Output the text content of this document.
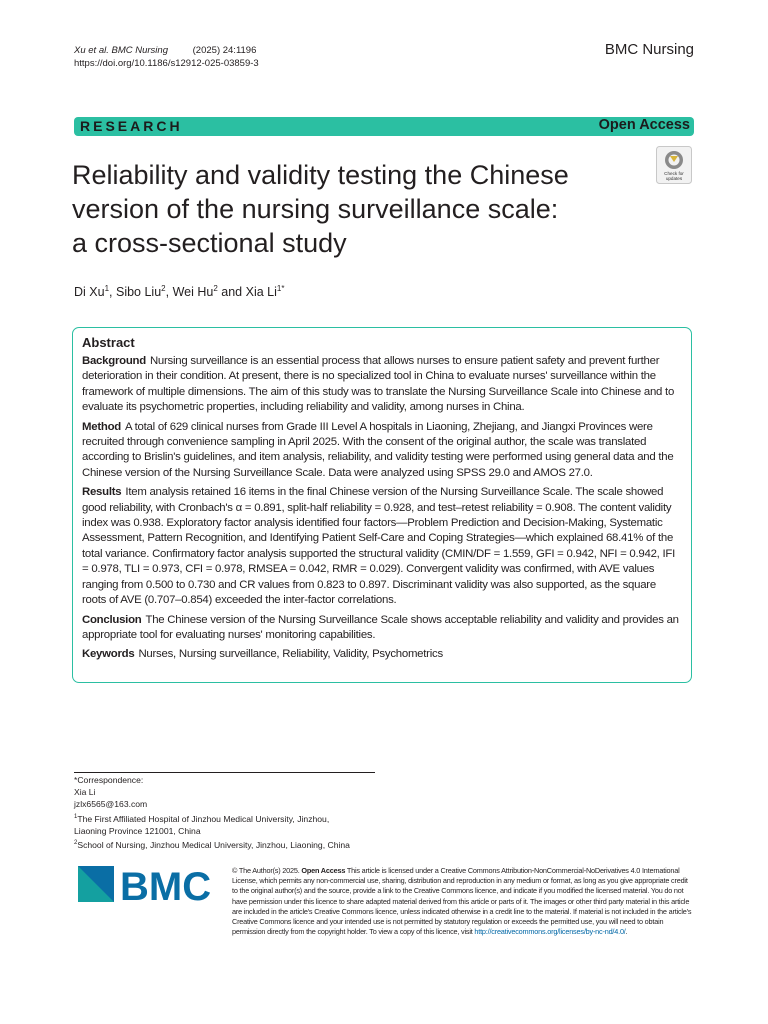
Xu et al. BMC Nursing	(2025) 24:1196
https://doi.org/10.1186/s12912-025-03859-3
BMC Nursing
RESEARCH	Open Access
Reliability and validity testing the Chinese
version of the nursing surveillance scale:
a cross-sectional study
Check for
updates
Di Xu$^1$, Sibo Liu$^2$, Wei Hu$^2$ and Xia $Li^{1*}$
Abstract

Background Nursing surveillance is an essential process that allows nurses to ensure patient safety and prevent further deterioration in their condition. At present, there is no specialized tool in China to evaluate nurses' surveillance within the framework of multiple dimensions. The aim of this study was to translate the Nursing Surveillance Scale into Chinese and to evaluate its psychometric properties, including reliability and validity, among nurses in China.

Method A total of 629 clinical nurses from Grade III Level A hospitals in Liaoning, Zhejiang, and Jiangxi Provinces were recruited through convenience sampling in April 2025. With the consent of the original author, the scale was translated according to Brislin's guidelines, and item analysis, reliability, and validity testing were performed using general data and the Chinese version of the Nursing Surveillance Scale. Data were analyzed using SPSS 29.0 and AMOS 27.0.

Results Item analysis retained 16 items in the final Chinese version of the Nursing Surveillance Scale. The scale showed good reliability, with Cronbach's α = 0.891, split-half reliability = 0.928, and test–retest reliability = 0.908. The content validity index was 0.938. Exploratory factor analysis identified four factors—Problem Prediction and Decision-Making, Systematic Assessment, Pattern Recognition, and Identifying Patient Self-Care and Coping Strategies—which explained 68.41% of the total variance. Confirmatory factor analysis supported the structural validity (CMIN/DF = 1.559, GFI = 0.942, NFI = 0.942, IFI = 0.978, TLI = 0.973, CFI = 0.978, RMSEA = 0.042, RMR = 0.029). Convergent validity was confirmed, with AVE values ranging from 0.500 to 0.730 and CR values from 0.823 to 0.897. Discriminant validity was also supported, as the square roots of AVE (0.707–0.854) exceeded the inter-factor correlations.

Conclusion The Chinese version of the Nursing Surveillance Scale shows acceptable reliability and validity and provides an appropriate tool for evaluating nurses' monitoring capabilities.

Keywords Nurses, Nursing surveillance, Reliability, Validity, Psychometrics

*Correspondence:
Xia Li
jzlx6565@163.com
$^1$The First Affiliated Hospital of Jinzhou Medical University, Jinzhou,
Liaoning Province 121001, China
$^2$School of Nursing, Jinzhou Medical University, Jinzhou, Liaoning, China
BMC	© The Author(s) 2025. Open Access This article is licensed under a Creative Commons Attribution-NonCommercial-NoDerivatives 4.0 International License, which permits any non-commercial use, sharing, distribution and reproduction in any medium or format, as long as you give appropriate credit to the original author(s) and the source, provide a link to the Creative Commons licence, and indicate if you modified the licensed material. You do not have permission under this licence to share adapted material derived from this article or parts of it. The images or other third party material in this article are included in the article's Creative Commons licence, unless indicated otherwise in a credit line to the material. If material is not included in the article's Creative Commons licence and your intended use is not permitted by statutory regulation or exceeds the permitted use, you will need to obtain permission directly from the copyright holder. To view a copy of this licence, visit http://creativecommons.org/licenses/by-nc-nd/4.0/.
